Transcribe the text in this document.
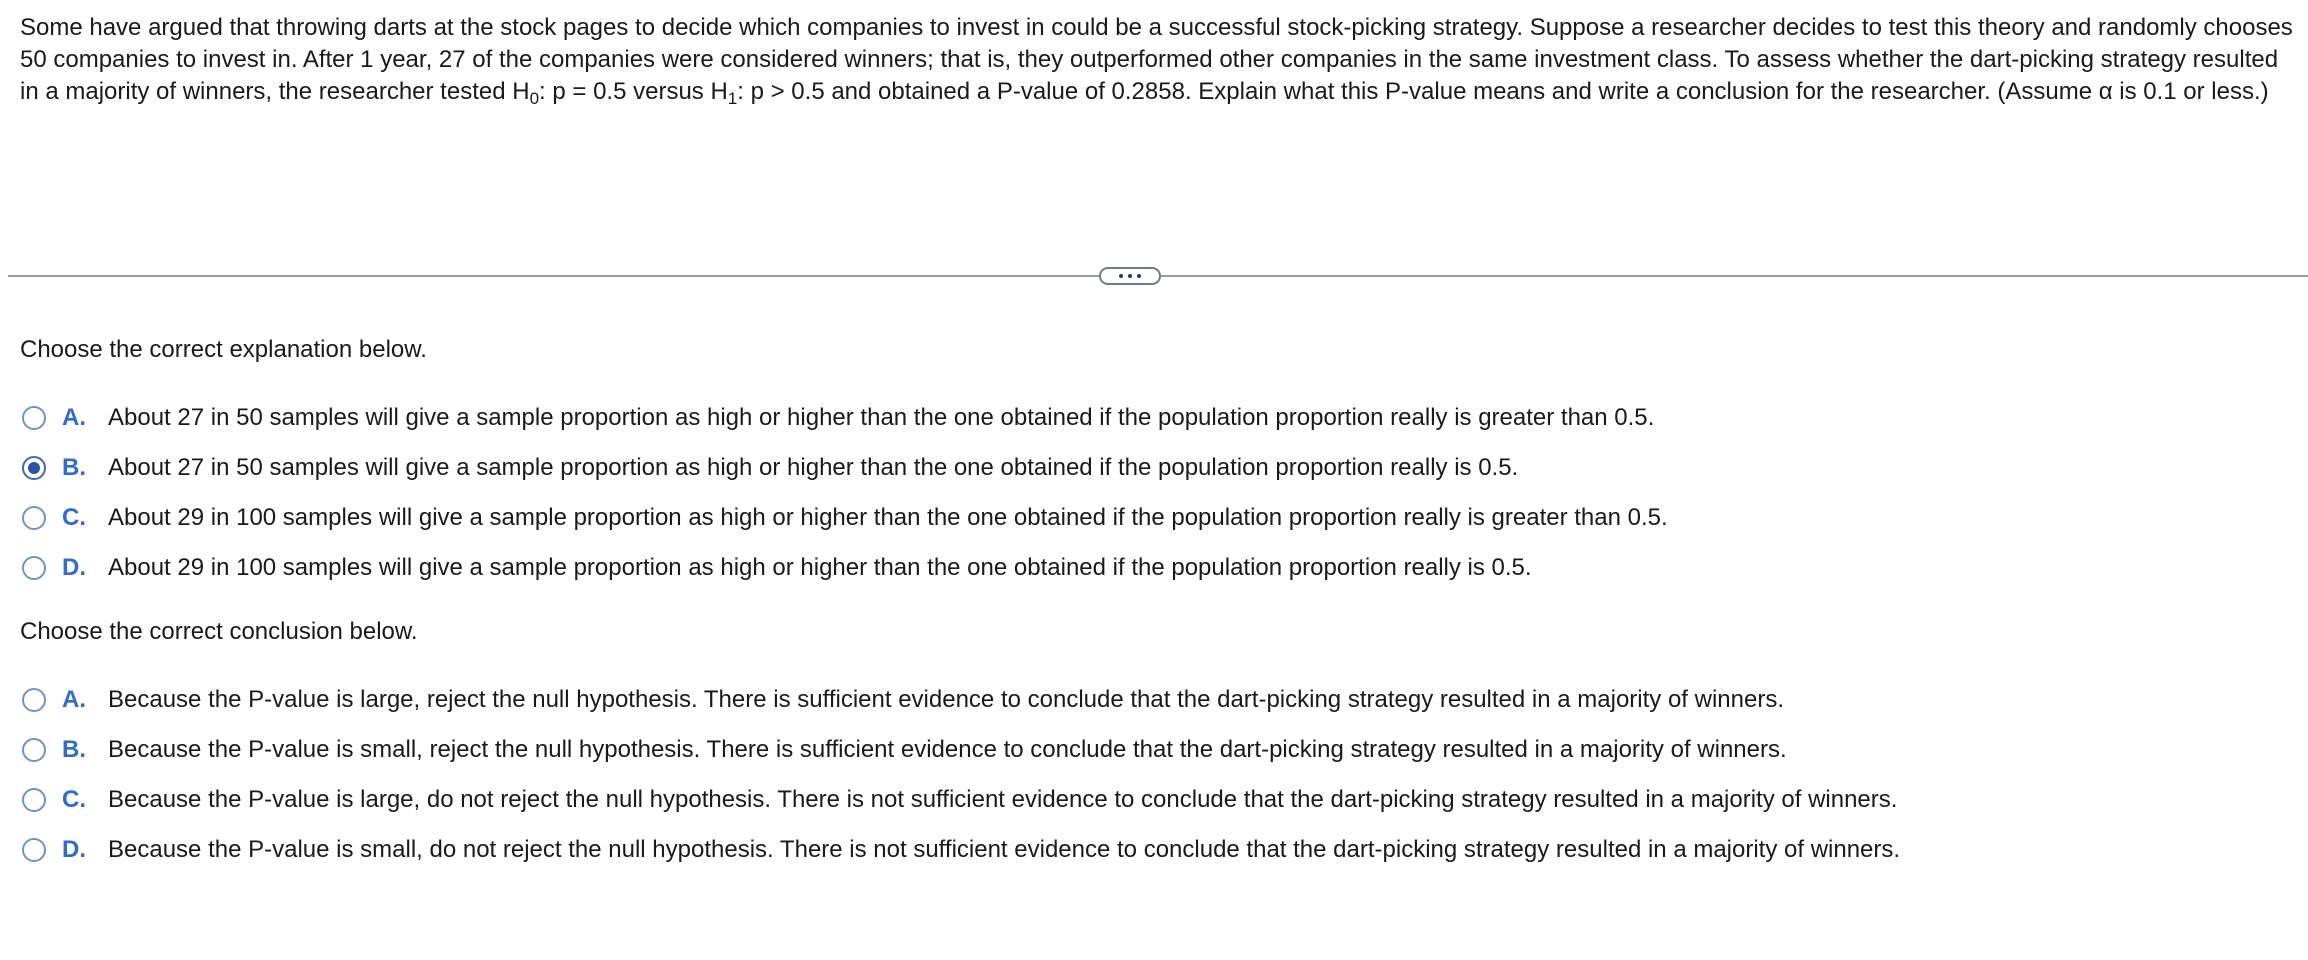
Some have argued that throwing darts at the stock pages to decide which companies to invest in could be a successful stock-picking strategy. Suppose a researcher decides to test this theory and randomly chooses 50 companies to invest in. After 1 year, 27 of the companies were considered winners; that is, they outperformed other companies in the same investment class. To assess whether the dart-picking strategy resulted in a majority of winners, the researcher tested $H_0$: p = 0.5 versus $H_1$: p > 0.5 and obtained a P-value of 0.2858. Explain what this P-value means and write a conclusion for the researcher. (Assume α is 0.1 or less.)
Choose the correct explanation below.
A. About 27 in 50 samples will give a sample proportion as high or higher than the one obtained if the population proportion really is greater than 0.5.
B. About 27 in 50 samples will give a sample proportion as high or higher than the one obtained if the population proportion really is 0.5.
C. About 29 in 100 samples will give a sample proportion as high or higher than the one obtained if the population proportion really is greater than 0.5.
D. About 29 in 100 samples will give a sample proportion as high or higher than the one obtained if the population proportion really is 0.5.
Choose the correct conclusion below.
A. Because the P-value is large, reject the null hypothesis. There is sufficient evidence to conclude that the dart-picking strategy resulted in a majority of winners.
B. Because the P-value is small, reject the null hypothesis. There is sufficient evidence to conclude that the dart-picking strategy resulted in a majority of winners.
C. Because the P-value is large, do not reject the null hypothesis. There is not sufficient evidence to conclude that the dart-picking strategy resulted in a majority of winners.
D. Because the P-value is small, do not reject the null hypothesis. There is not sufficient evidence to conclude that the dart-picking strategy resulted in a majority of winners.
